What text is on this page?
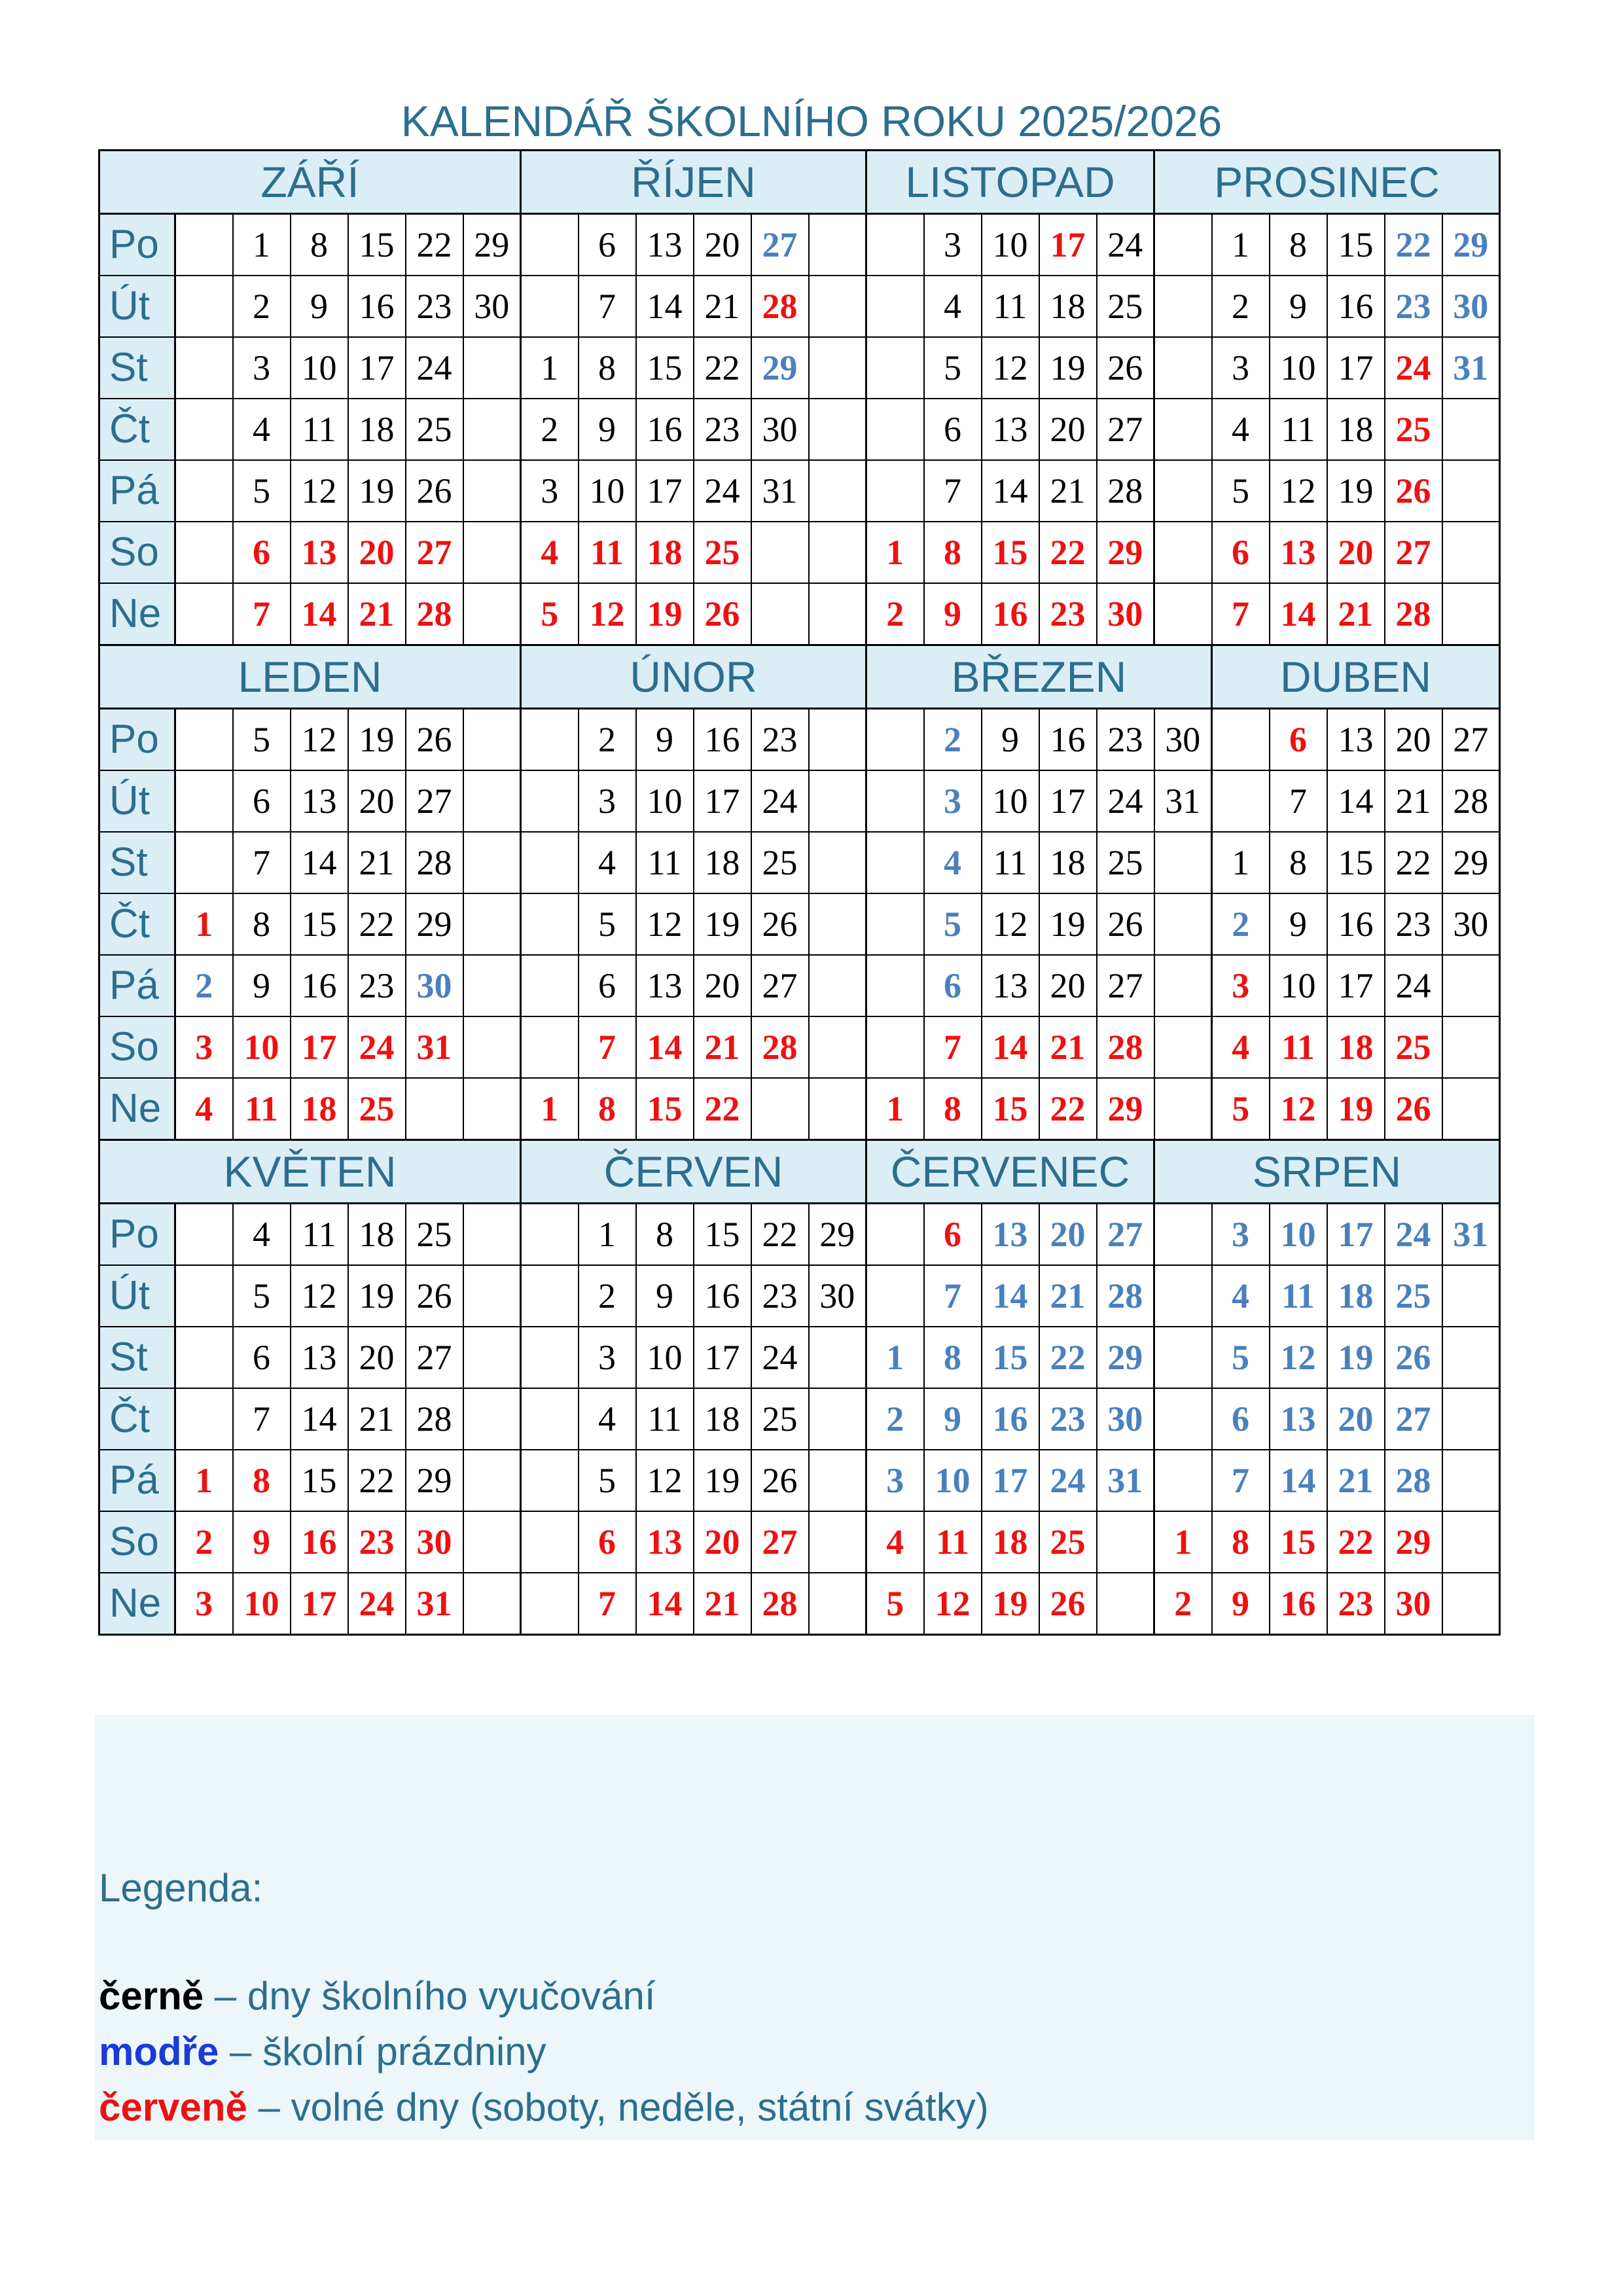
KALENDÁŘ ŠKOLNÍHO ROKU 2025/2026
ZÁŘÍ							ŘÍJEN						LISTOPAD					PROSINEC					
Po		1	8	15	22	29		6	13	20	27			3	10	17	24		1	8	15	22	29
Út		2	9	16	23	30		7	14	21	28			4	11	18	25		2	9	16	23	30
St		3	10	17	24		1	8	15	22	29			5	12	19	26		3	10	17	24	31
Čt		4	11	18	25		2	9	16	23	30			6	13	20	27		4	11	18	25	
Pá		5	12	19	26		3	10	17	24	31			7	14	21	28		5	12	19	26	
So		6	13	20	27		4	11	18	25			1	8	15	22	29		6	13	20	27	
Ne		7	14	21	28		5	12	19	26			2	9	16	23	30		7	14	21	28	
LEDEN							ÚNOR						BŘEZEN						DUBEN				
Po		5	12	19	26			2	9	16	23			2	9	16	23	30		6	13	20	27
Út		6	13	20	27			3	10	17	24			3	10	17	24	31		7	14	21	28
St		7	14	21	28			4	11	18	25			4	11	18	25		1	8	15	22	29
Čt	1	8	15	22	29			5	12	19	26			5	12	19	26		2	9	16	23	30
Pá	2	9	16	23	30			6	13	20	27			6	13	20	27		3	10	17	24	
So	3	10	17	24	31			7	14	21	28			7	14	21	28		4	11	18	25	
Ne	4	11	18	25			1	8	15	22			1	8	15	22	29		5	12	19	26	
KVĚTEN							ČERVEN						ČERVENEC					SRPEN					
Po		4	11	18	25			1	8	15	22	29		6	13	20	27		3	10	17	24	31
Út		5	12	19	26			2	9	16	23	30		7	14	21	28		4	11	18	25	
St		6	13	20	27			3	10	17	24		1	8	15	22	29		5	12	19	26	
Čt		7	14	21	28			4	11	18	25		2	9	16	23	30		6	13	20	27	
Pá	1	8	15	22	29			5	12	19	26		3	10	17	24	31		7	14	21	28	
So	2	9	16	23	30			6	13	20	27		4	11	18	25		1	8	15	22	29	
Ne	3	10	17	24	31			7	14	21	28		5	12	19	26		2	9	16	23	30	
Legenda:
černě – dny školního vyučování
modře – školní prázdniny
červeně – volné dny (soboty, neděle, státní svátky)
